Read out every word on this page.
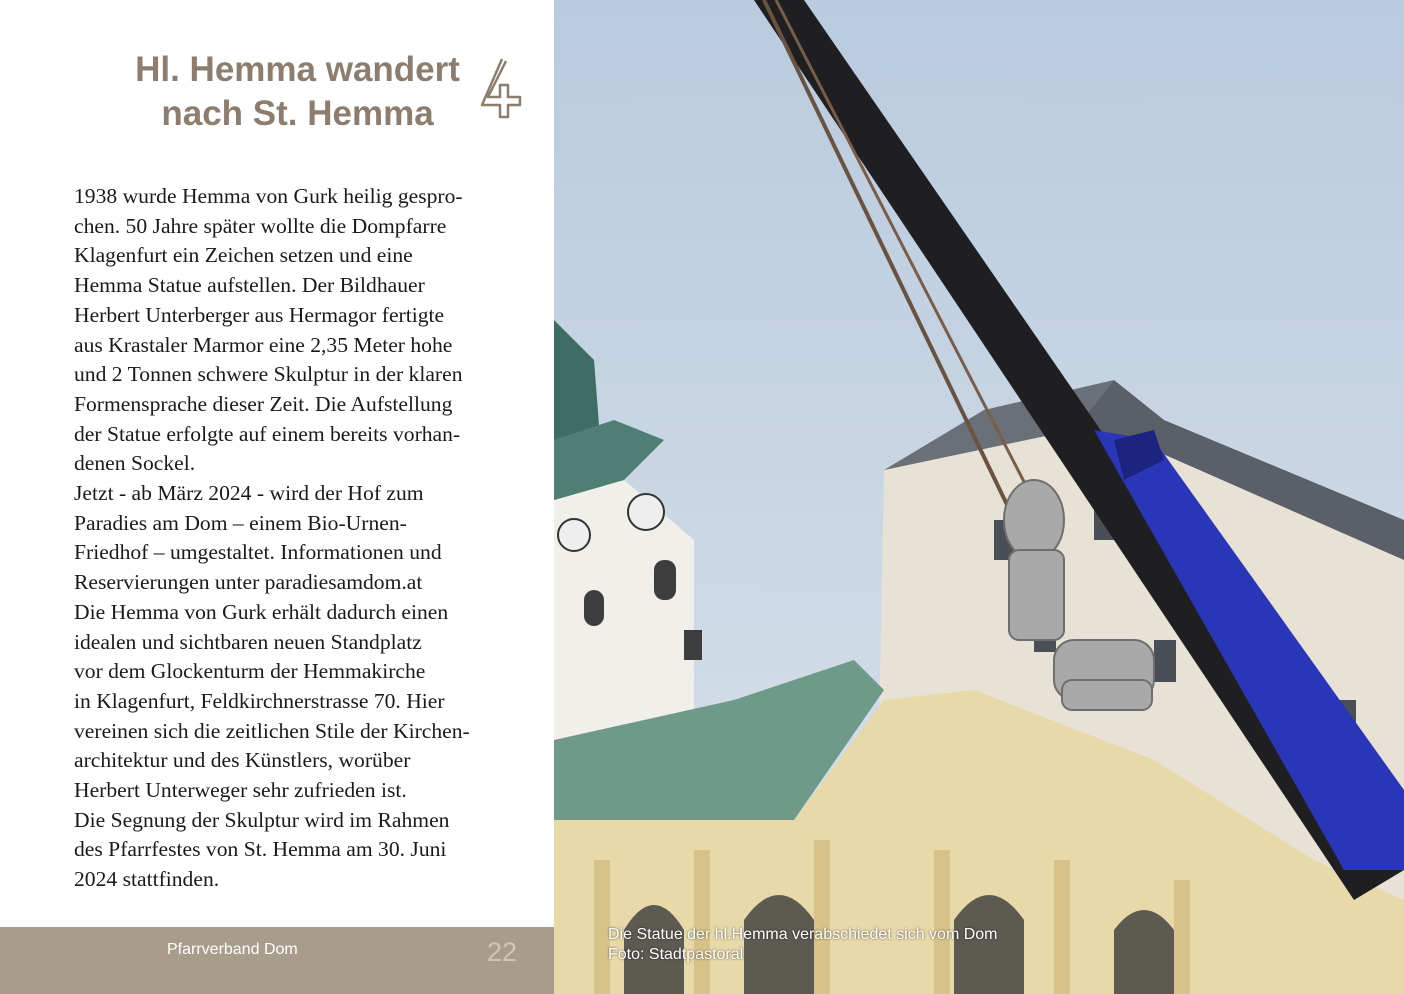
Hl. Hemma wandert
nach St. Hemma

1938 wurde Hemma von Gurk heilig gespro-
chen. 50 Jahre später wollte die Dompfarre
Klagenfurt ein Zeichen setzen und eine
Hemma Statue aufstellen. Der Bildhauer
Herbert Unterberger aus Hermagor fertigte
aus Krastaler Marmor eine 2,35 Meter hohe
und 2 Tonnen schwere Skulptur in der klaren
Formensprache dieser Zeit. Die Aufstellung
der Statue erfolgte auf einem bereits vorhan-
denen Sockel.

Jetzt - ab März 2024 - wird der Hof zum
Paradies am Dom – einem Bio-Urnen-
Friedhof – umgestaltet. Informationen und
Reservierungen unter paradiesamdom.at

Die Hemma von Gurk erhält dadurch einen
idealen und sichtbaren neuen Standplatz
vor dem Glockenturm der Hemmakirche
in Klagenfurt, Feldkirchnerstrasse 70. Hier
vereinen sich die zeitlichen Stile der Kirchen-
architektur und des Künstlers, worüber
Herbert Unterweger sehr zufrieden ist.

Die Segnung der Skulptur wird im Rahmen
des Pfarrfestes von St. Hemma am 30. Juni
2024 stattfinden.

Pfarrverband Dom	22
Die Statue der hl.Hemma verabschiedet sich vom Dom
Foto: Stadtpastoral
